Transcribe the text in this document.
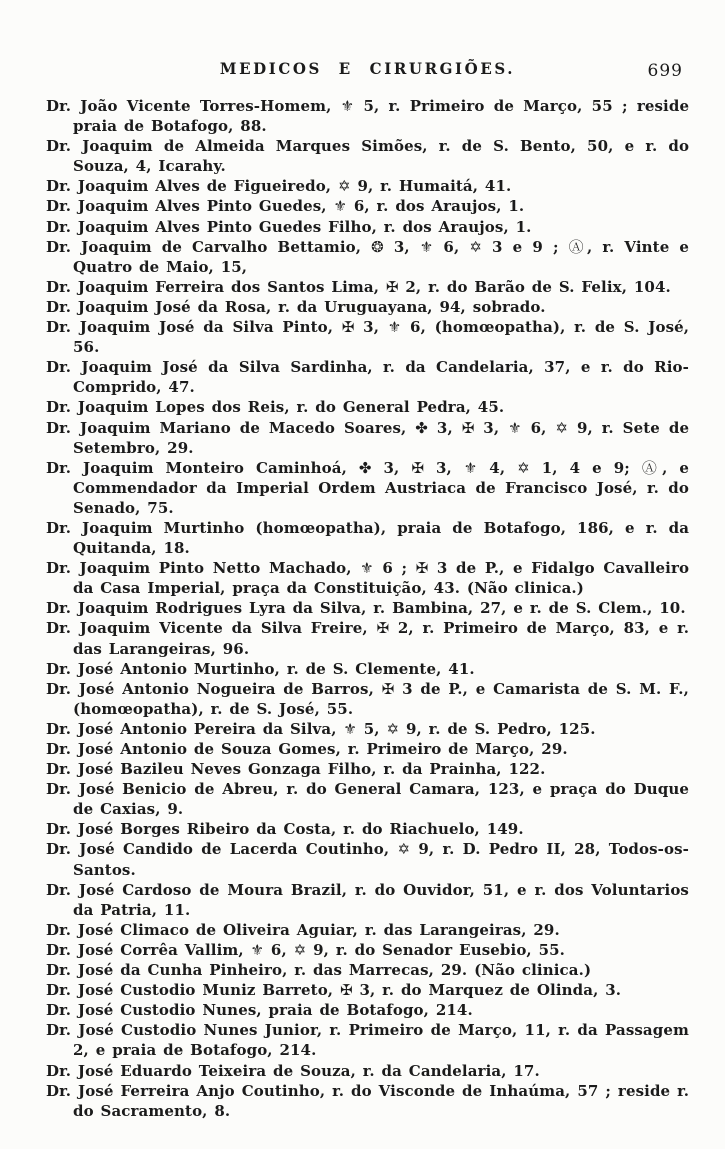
MEDICOS E CIRURGIÕES.	699
Dr. João Vicente Torres-Homem, ⚜ 5, r. Primeiro de Março, 55 ; reside praia de Botafogo, 88.
Dr. Joaquim de Almeida Marques Simões, r. de S. Bento, 50, e r. do Souza, 4, Icarahy.
Dr. Joaquim Alves de Figueiredo, ✡ 9, r. Humaitá, 41.
Dr. Joaquim Alves Pinto Guedes, ⚜ 6, r. dos Araujos, 1.
Dr. Joaquim Alves Pinto Guedes Filho, r. dos Araujos, 1.
Dr. Joaquim de Carvalho Bettamio, ❂ 3, ⚜ 6, ✡ 3 e 9 ; Ⓐ, r. Vinte e Quatro de Maio, 15,
Dr. Joaquim Ferreira dos Santos Lima, ✠ 2, r. do Barão de S. Felix, 104.
Dr. Joaquim José da Rosa, r. da Uruguayana, 94, sobrado.
Dr. Joaquim José da Silva Pinto, ✠ 3, ⚜ 6, (homœopatha), r. de S. José, 56.
Dr. Joaquim José da Silva Sardinha, r. da Candelaria, 37, e r. do Rio-Comprido, 47.
Dr. Joaquim Lopes dos Reis, r. do General Pedra, 45.
Dr. Joaquim Mariano de Macedo Soares, ✤ 3, ✠ 3, ⚜ 6, ✡ 9, r. Sete de Setembro, 29.
Dr. Joaquim Monteiro Caminhoá, ✤ 3, ✠ 3, ⚜ 4, ✡ 1, 4 e 9; Ⓐ, e Commendador da Imperial Ordem Austriaca de Francisco José, r. do Senado, 75.
Dr. Joaquim Murtinho (homœopatha), praia de Botafogo, 186, e r. da Quitanda, 18.
Dr. Joaquim Pinto Netto Machado, ⚜ 6 ; ✠ 3 de P., e Fidalgo Cavalleiro da Casa Imperial, praça da Constituição, 43. (Não clinica.)
Dr. Joaquim Rodrigues Lyra da Silva, r. Bambina, 27, e r. de S. Clem., 10.
Dr. Joaquim Vicente da Silva Freire, ✠ 2, r. Primeiro de Março, 83, e r. das Larangeiras, 96.
Dr. José Antonio Murtinho, r. de S. Clemente, 41.
Dr. José Antonio Nogueira de Barros, ✠ 3 de P., e Camarista de S. M. F., (homœopatha), r. de S. José, 55.
Dr. José Antonio Pereira da Silva, ⚜ 5, ✡ 9, r. de S. Pedro, 125.
Dr. José Antonio de Souza Gomes, r. Primeiro de Março, 29.
Dr. José Bazileu Neves Gonzaga Filho, r. da Prainha, 122.
Dr. José Benicio de Abreu, r. do General Camara, 123, e praça do Duque de Caxias, 9.
Dr. José Borges Ribeiro da Costa, r. do Riachuelo, 149.
Dr. José Candido de Lacerda Coutinho, ✡ 9, r. D. Pedro II, 28, Todos-os-Santos.
Dr. José Cardoso de Moura Brazil, r. do Ouvidor, 51, e r. dos Voluntarios da Patria, 11.
Dr. José Climaco de Oliveira Aguiar, r. das Larangeiras, 29.
Dr. José Corrêa Vallim, ⚜ 6, ✡ 9, r. do Senador Eusebio, 55.
Dr. José da Cunha Pinheiro, r. das Marrecas, 29. (Não clinica.)
Dr. José Custodio Muniz Barreto, ✠ 3, r. do Marquez de Olinda, 3.
Dr. José Custodio Nunes, praia de Botafogo, 214.
Dr. José Custodio Nunes Junior, r. Primeiro de Março, 11, r. da Passagem 2, e praia de Botafogo, 214.
Dr. José Eduardo Teixeira de Souza, r. da Candelaria, 17.
Dr. José Ferreira Anjo Coutinho, r. do Visconde de Inhaúma, 57 ; reside r. do Sacramento, 8.
